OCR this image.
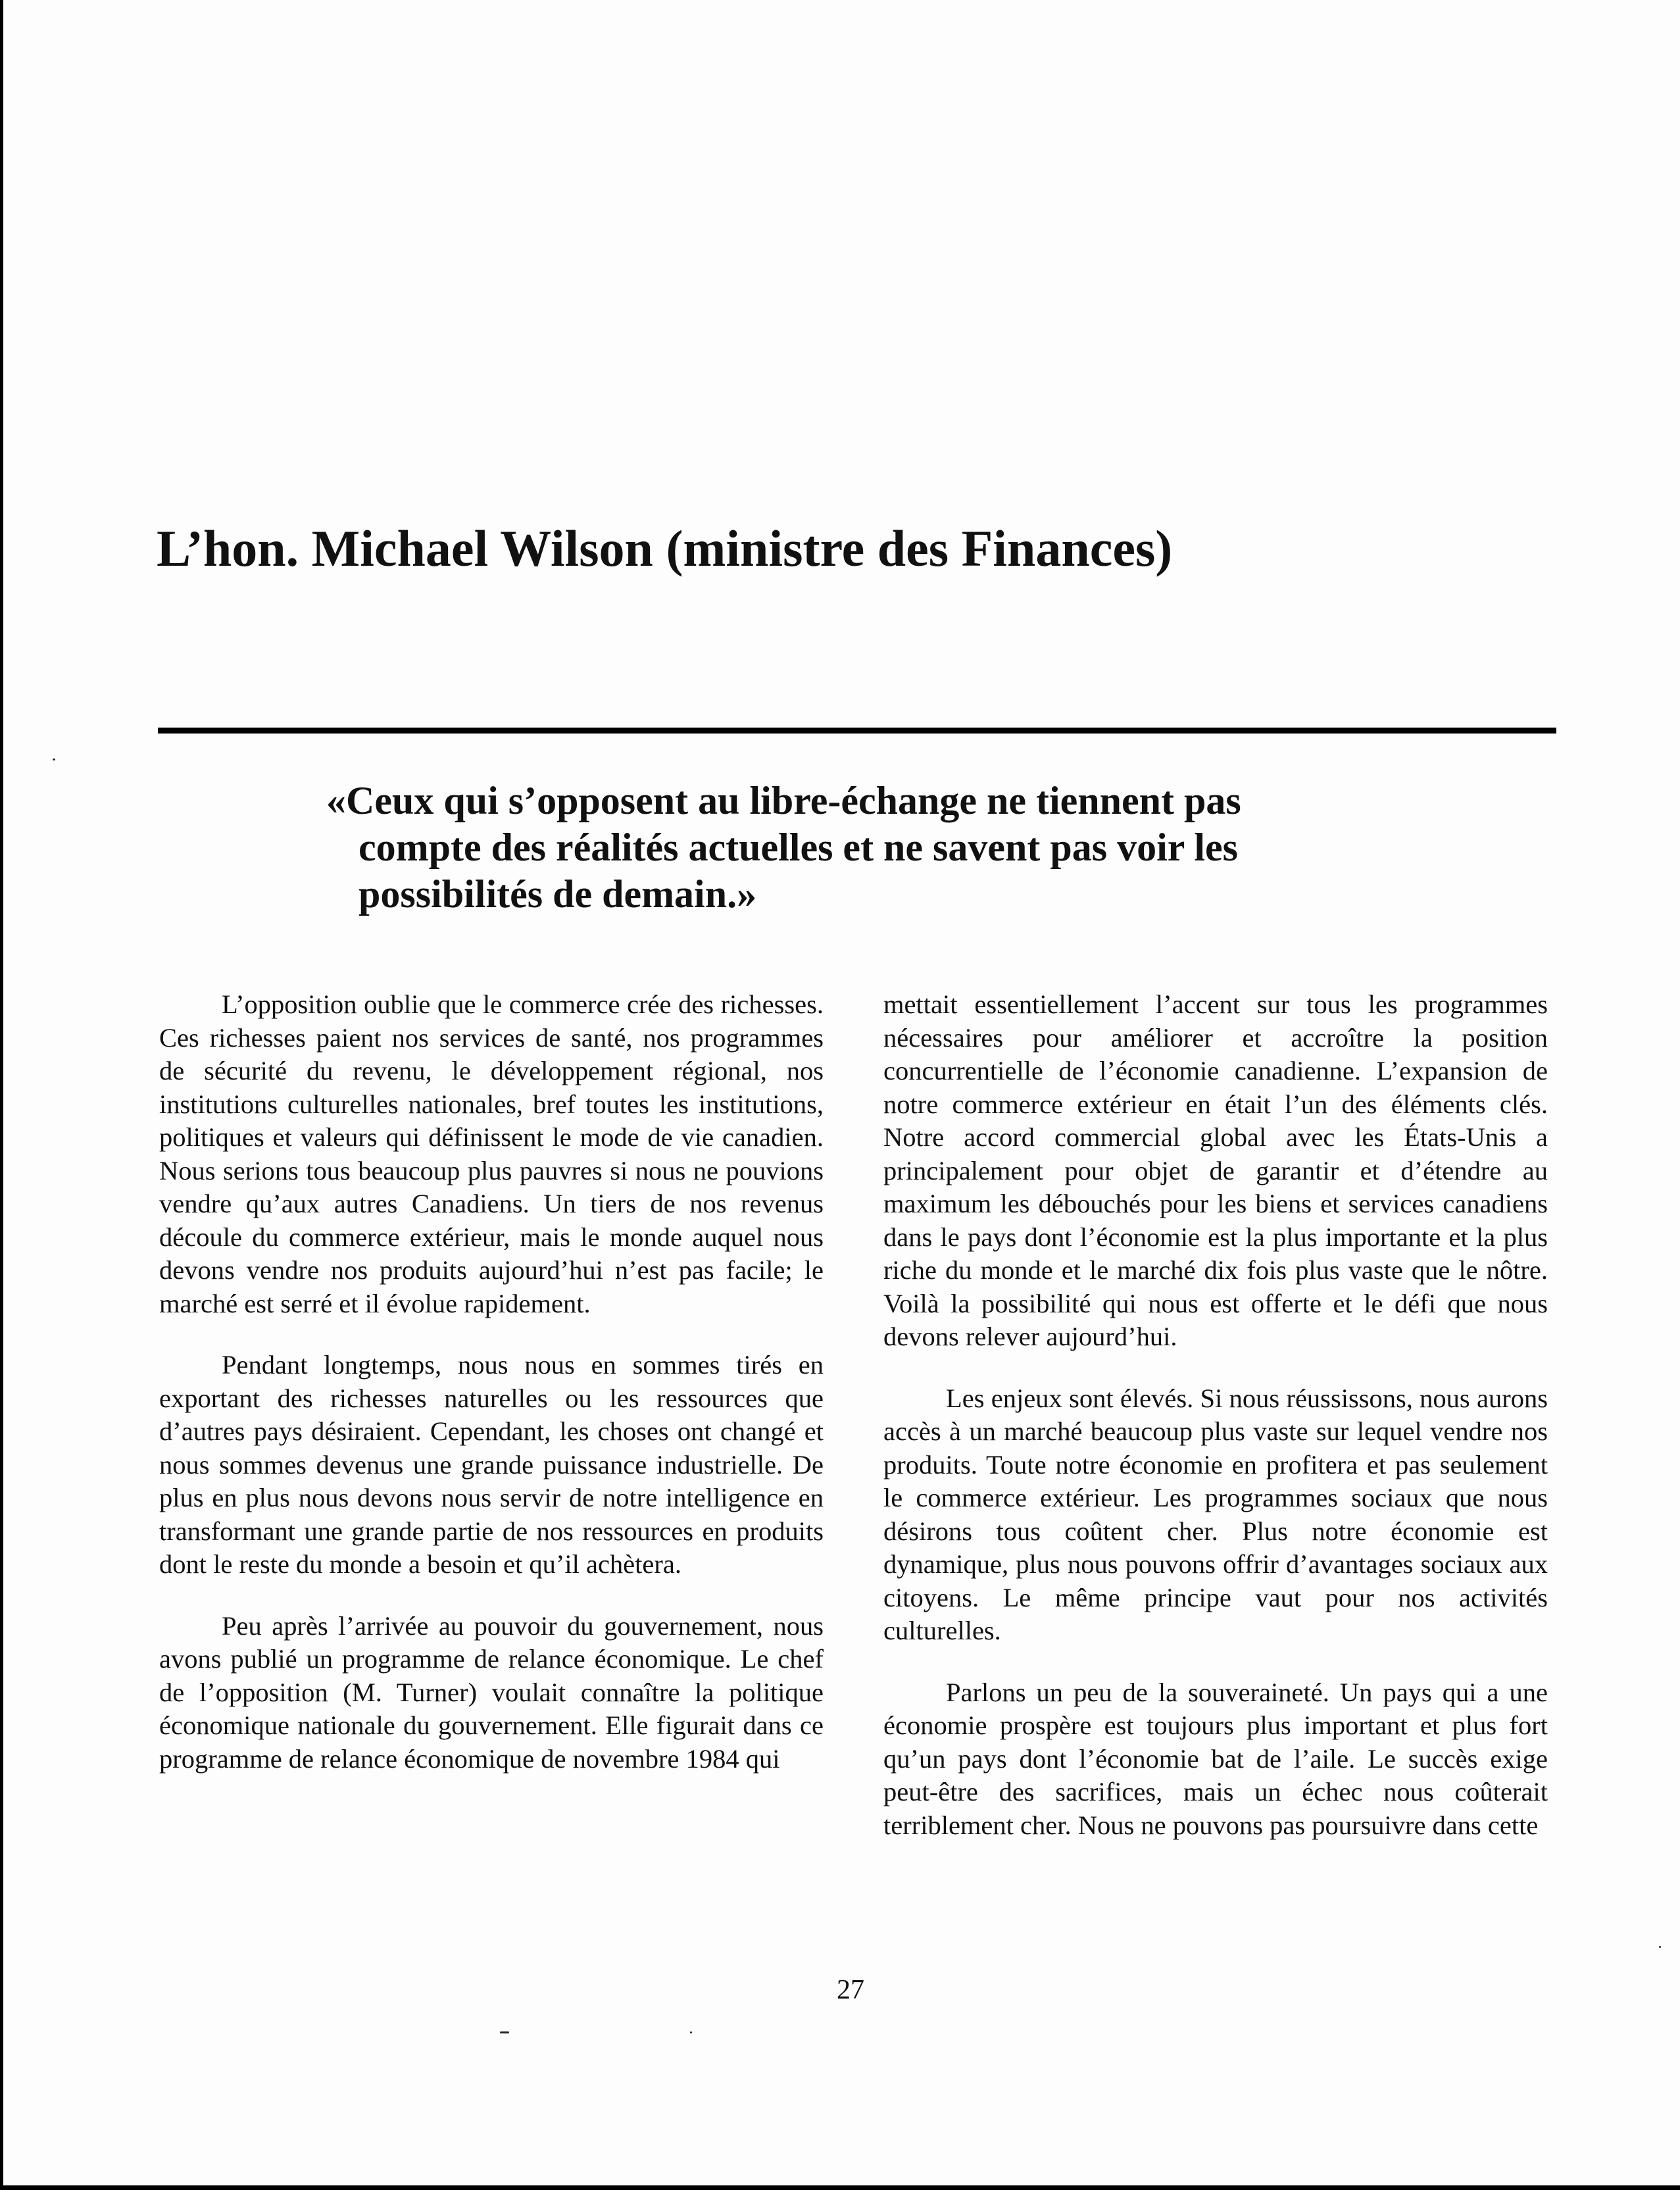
L’hon. Michael Wilson (ministre des Finances)
«Ceux qui s’opposent au libre-échange ne tiennent pas
compte des réalités actuelles et ne savent pas voir les
possibilités de demain.»

L’opposition oublie que le commerce crée des richesses. Ces richesses paient nos services de santé, nos programmes de sécurité du revenu, le développement régional, nos institutions culturelles nationales, bref toutes les institutions, politiques et valeurs qui définissent le mode de vie canadien. Nous serions tous beaucoup plus pauvres si nous ne pouvions vendre qu’aux autres Canadiens. Un tiers de nos revenus découle du commerce extérieur, mais le monde auquel nous devons vendre nos produits aujourd’hui n’est pas facile; le marché est serré et il évolue rapidement.

Pendant longtemps, nous nous en sommes tirés en exportant des richesses naturelles ou les ressources que d’autres pays désiraient. Cependant, les choses ont changé et nous sommes devenus une grande puissance industrielle. De plus en plus nous devons nous servir de notre intelligence en transformant une grande partie de nos ressources en produits dont le reste du monde a besoin et qu’il achètera.

Peu après l’arrivée au pouvoir du gouvernement, nous avons publié un programme de relance économique. Le chef de l’opposition (M. Turner) voulait connaître la politique économique nationale du gouvernement. Elle figurait dans ce programme de relance économique de novembre 1984 qui

mettait essentiellement l’accent sur tous les programmes nécessaires pour améliorer et accroître la position concurrentielle de l’économie canadienne. L’expansion de notre commerce extérieur en était l’un des éléments clés. Notre accord commercial global avec les États-Unis a principalement pour objet de garantir et d’étendre au maximum les débouchés pour les biens et services canadiens dans le pays dont l’économie est la plus importante et la plus riche du monde et le marché dix fois plus vaste que le nôtre. Voilà la possibilité qui nous est offerte et le défi que nous devons relever aujourd’hui.

Les enjeux sont élevés. Si nous réussissons, nous aurons accès à un marché beaucoup plus vaste sur lequel vendre nos produits. Toute notre économie en profitera et pas seulement le commerce extérieur. Les programmes sociaux que nous désirons tous coûtent cher. Plus notre économie est dynamique, plus nous pouvons offrir d’avantages sociaux aux citoyens. Le même principe vaut pour nos activités culturelles.

Parlons un peu de la souveraineté. Un pays qui a une économie prospère est toujours plus important et plus fort qu’un pays dont l’économie bat de l’aile. Le succès exige peut-être des sacrifices, mais un échec nous coûterait terriblement cher. Nous ne pouvons pas poursuivre dans cette

27
